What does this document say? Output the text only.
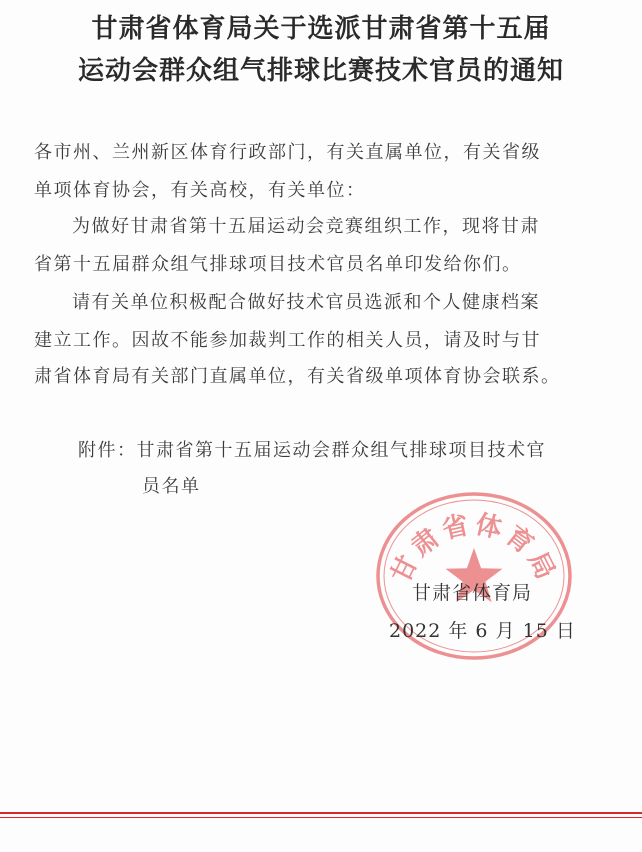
甘肃省体育局关于选派甘肃省第十五届
运动会群众组气排球比赛技术官员的通知

各市州、兰州新区体育行政部门，有关直属单位，有关省级

单项体育协会，有关高校，有关单位：

为做好甘肃省第十五届运动会竞赛组织工作，现将甘肃

省第十五届群众组气排球项目技术官员名单印发给你们。

请有关单位积极配合做好技术官员选派和个人健康档案

建立工作。因故不能参加裁判工作的相关人员，请及时与甘

肃省体育局有关部门直属单位，有关省级单项体育协会联系。

附件：甘肃省第十五届运动会群众组气排球项目技术官

员名单

甘肃省体育局

甘肃省体育局

2022 年 6 月 15 日
